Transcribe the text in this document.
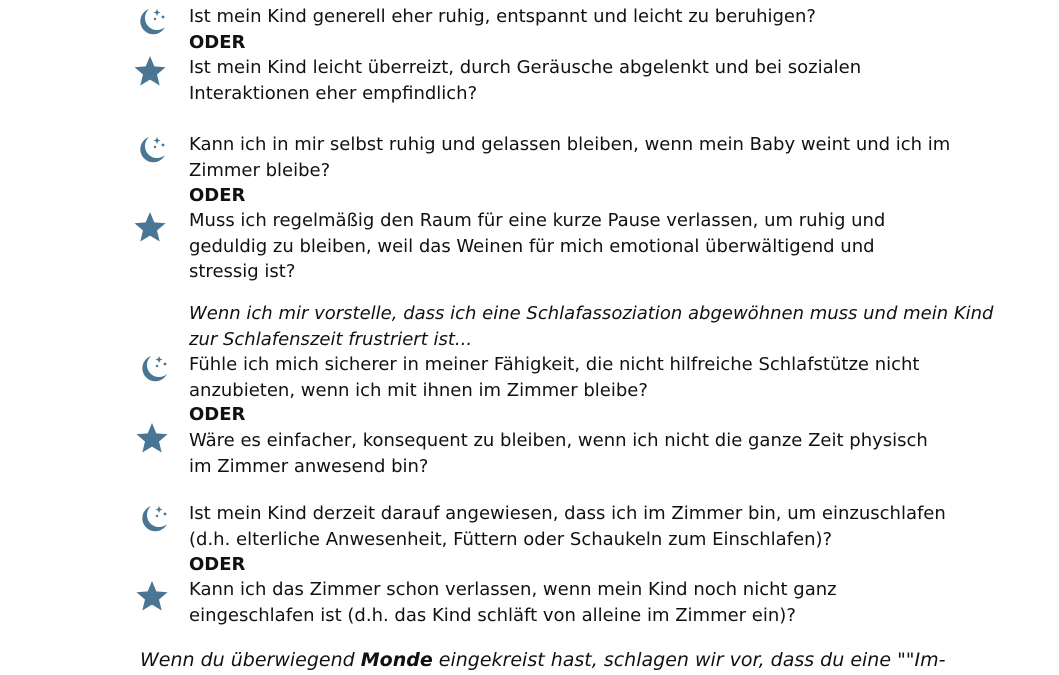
Ist mein Kind generell eher ruhig, entspannt und leicht zu beruhigen?
ODER
Ist mein Kind leicht überreizt, durch Geräusche abgelenkt und bei sozialen
Interaktionen eher empfindlich?
Kann ich in mir selbst ruhig und gelassen bleiben, wenn mein Baby weint und ich im
Zimmer bleibe?
ODER
Muss ich regelmäßig den Raum für eine kurze Pause verlassen, um ruhig und
geduldig zu bleiben, weil das Weinen für mich emotional überwältigend und
stressig ist?
Wenn ich mir vorstelle, dass ich eine Schlafassoziation abgewöhnen muss und mein Kind
zur Schlafenszeit frustriert ist...
Fühle ich mich sicherer in meiner Fähigkeit, die nicht hilfreiche Schlafstütze nicht
anzubieten, wenn ich mit ihnen im Zimmer bleibe?
ODER
Wäre es einfacher, konsequent zu bleiben, wenn ich nicht die ganze Zeit physisch
im Zimmer anwesend bin?
Ist mein Kind derzeit darauf angewiesen, dass ich im Zimmer bin, um einzuschlafen
(d.h. elterliche Anwesenheit, Füttern oder Schaukeln zum Einschlafen)?
ODER
Kann ich das Zimmer schon verlassen, wenn mein Kind noch nicht ganz
eingeschlafen ist (d.h. das Kind schläft von alleine im Zimmer ein)?
Wenn du überwiegend Monde eingekreist hast, schlagen wir vor, dass du eine ""Im-
